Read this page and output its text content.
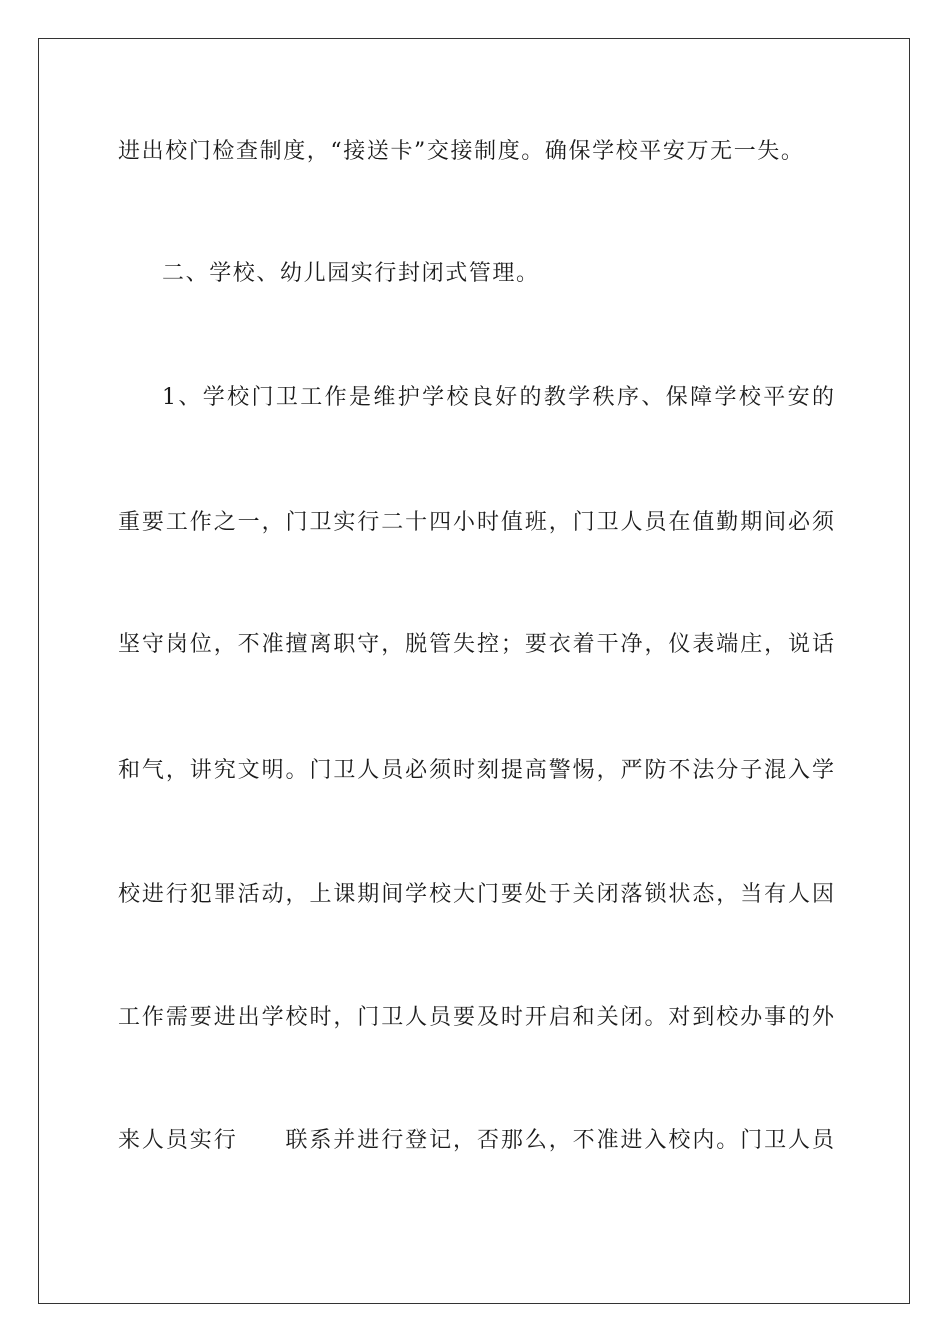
进出校门检查制度，“接送卡”交接制度。确保学校平安万无一失。
二、学校、幼儿园实行封闭式管理。
1、学校门卫工作是维护学校良好的教学秩序、保障学校平安的
重要工作之一，门卫实行二十四小时值班，门卫人员在值勤期间必须
坚守岗位，不准擅离职守，脱管失控；要衣着干净，仪表端庄，说话
和气，讲究文明。门卫人员必须时刻提高警惕，严防不法分子混入学
校进行犯罪活动，上课期间学校大门要处于关闭落锁状态，当有人因
工作需要进出学校时，门卫人员要及时开启和关闭。对到校办事的外
来人员实行　　联系并进行登记，否那么，不准进入校内。门卫人员
